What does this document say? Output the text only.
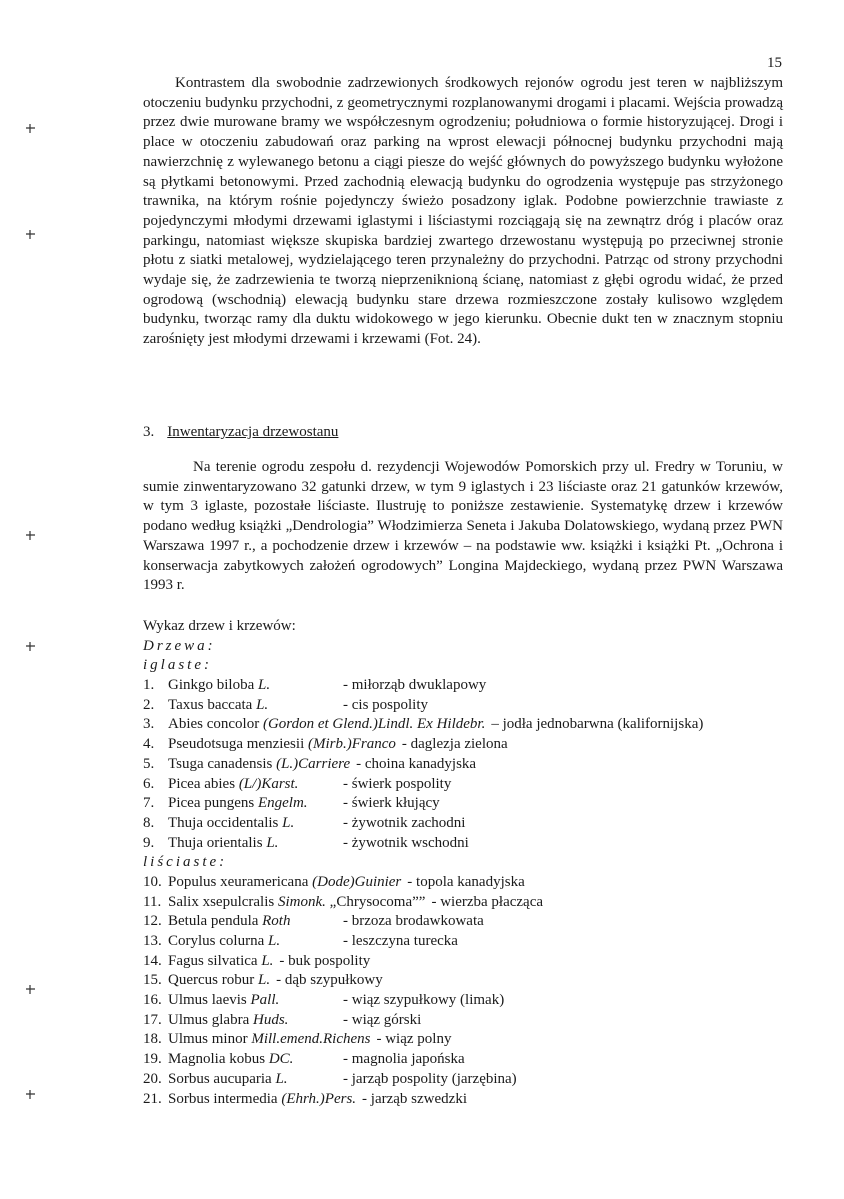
15
Kontrastem dla swobodnie zadrzewionych środkowych rejonów ogrodu jest teren w najbliższym otoczeniu budynku przychodni, z geometrycznymi rozplanowanymi drogami i placami. Wejścia prowadzą przez dwie murowane bramy we współczesnym ogrodzeniu; południowa o formie historyzującej. Drogi i place w otoczeniu zabudowań oraz parking na wprost elewacji północnej budynku przychodni mają nawierzchnię z wylewanego betonu a ciągi piesze do wejść głównych do powyższego budynku wyłożone są płytkami betonowymi. Przed zachodnią elewacją budynku do ogrodzenia występuje pas strzyżonego trawnika, na którym rośnie pojedynczy świeżo posadzony iglak. Podobne powierzchnie trawiaste z pojedynczymi młodymi drzewami iglastymi i liściastymi rozciągają się na zewnątrz dróg i placów oraz parkingu, natomiast większe skupiska bardziej zwartego drzewostanu występują po przeciwnej stronie płotu z siatki metalowej, wydzielającego teren przynależny do przychodni. Patrząc od strony przychodni wydaje się, że zadrzewienia te tworzą nieprzeniknioną ścianę, natomiast z głębi ogrodu widać, że przed ogrodową (wschodnią) elewacją budynku stare drzewa rozmieszczone zostały kulisowo względem budynku, tworząc ramy dla duktu widokowego w jego kierunku. Obecnie dukt ten w znacznym stopniu zarośnięty jest młodymi drzewami i krzewami (Fot. 24).
3. Inwentaryzacja drzewostanu
Na terenie ogrodu zespołu d. rezydencji Wojewodów Pomorskich przy ul. Fredry w Toruniu, w sumie zinwentaryzowano 32 gatunki drzew, w tym 9 iglastych i 23 liściaste oraz 21 gatunków krzewów, w tym 3 iglaste, pozostałe liściaste. Ilustruję to poniższe zestawienie. Systematykę drzew i krzewów podano według książki „Dendrologia” Włodzimierza Seneta i Jakuba Dolatowskiego, wydaną przez PWN Warszawa 1997 r., a pochodzenie drzew i krzewów – na podstawie ww. książki i książki Pt. „Ochrona i konserwacja zabytkowych założeń ogrodowych” Longina Majdeckiego, wydaną przez PWN Warszawa 1993 r.
Wykaz drzew i krzewów:
Drzewa:
iglaste:
1. Ginkgo biloba L.	- miłorząb dwuklapowy
2. Taxus baccata L.	- cis pospolity
3. Abies concolor (Gordon et Glend.)Lindl. Ex Hildebr. – jodła jednobarwna (kalifornijska)
4. Pseudotsuga menziesii (Mirb.)Franco - daglezja zielona
5. Tsuga canadensis (L.)Carriere - choina kanadyjska
6. Picea abies (L/)Karst.	- świerk pospolity
7. Picea pungens Engelm. - świerk kłujący
8. Thuja occidentalis L.	- żywotnik zachodni
9. Thuja orientalis L.	- żywotnik wschodni
liściaste:
10. Populus xeuramericana (Dode)Guinier - topola kanadyjska
11. Salix xsepulcralis Simonk. „Chrysocoma”” - wierzba płacząca
12. Betula pendula Roth	- brzoza brodawkowata
13. Corylus colurna L.	- leszczyna turecka
14. Fagus silvatica L. - buk pospolity
15. Quercus robur L. - dąb szypułkowy
16. Ulmus laevis Pall.	- wiąz szypułkowy (limak)
17. Ulmus glabra Huds.	- wiąz górski
18. Ulmus minor Mill.emend.Richens - wiąz polny
19. Magnolia kobus DC.	- magnolia japońska
20. Sorbus aucuparia L.	- jarząb pospolity (jarzębina)
21. Sorbus intermedia (Ehrh.)Pers. - jarząb szwedzki
